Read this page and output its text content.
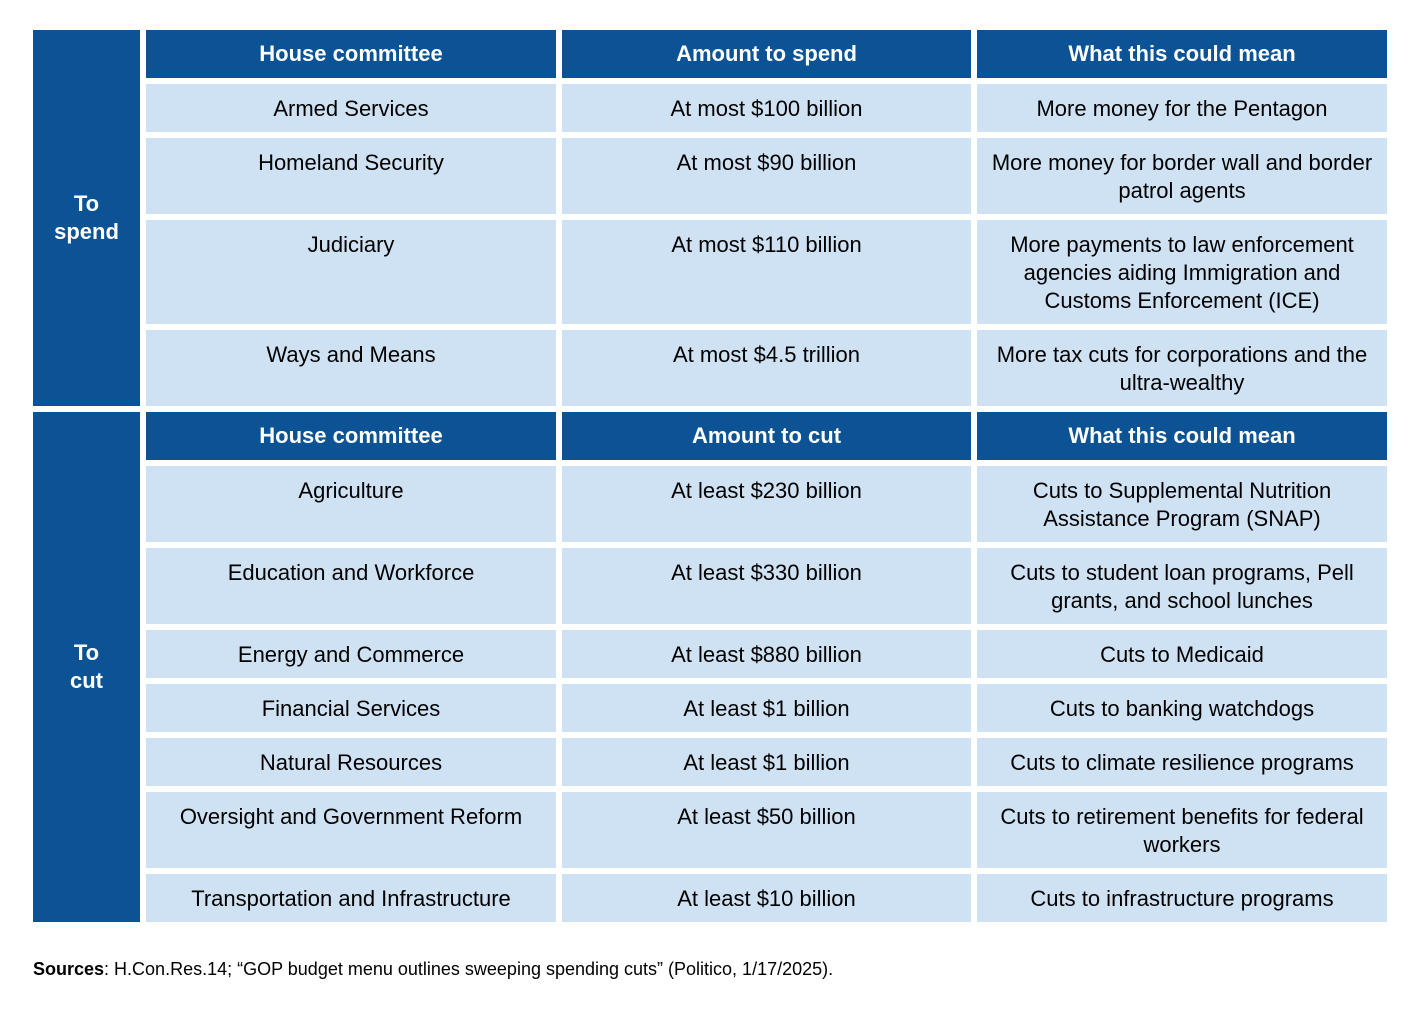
To
spend	House committee	Amount to spend	What this could mean
	Armed Services	At most $100 billion	More money for the Pentagon
	Homeland Security	At most $90 billion	More money for border wall and border patrol agents
	Judiciary	At most $110 billion	More payments to law enforcement agencies aiding Immigration and Customs Enforcement (ICE)
	Ways and Means	At most $4.5 trillion	More tax cuts for corporations and the ultra-wealthy
To
cut	House committee	Amount to cut	What this could mean
	Agriculture	At least $230 billion	Cuts to Supplemental Nutrition Assistance Program (SNAP)
	Education and Workforce	At least $330 billion	Cuts to student loan programs, Pell grants, and school lunches
	Energy and Commerce	At least $880 billion	Cuts to Medicaid
	Financial Services	At least $1 billion	Cuts to banking watchdogs
	Natural Resources	At least $1 billion	Cuts to climate resilience programs
	Oversight and Government Reform	At least $50 billion	Cuts to retirement benefits for federal workers
	Transportation and Infrastructure	At least $10 billion	Cuts to infrastructure programs
Sources: H.Con.Res.14; “GOP budget menu outlines sweeping spending cuts” (Politico, 1/17/2025).
